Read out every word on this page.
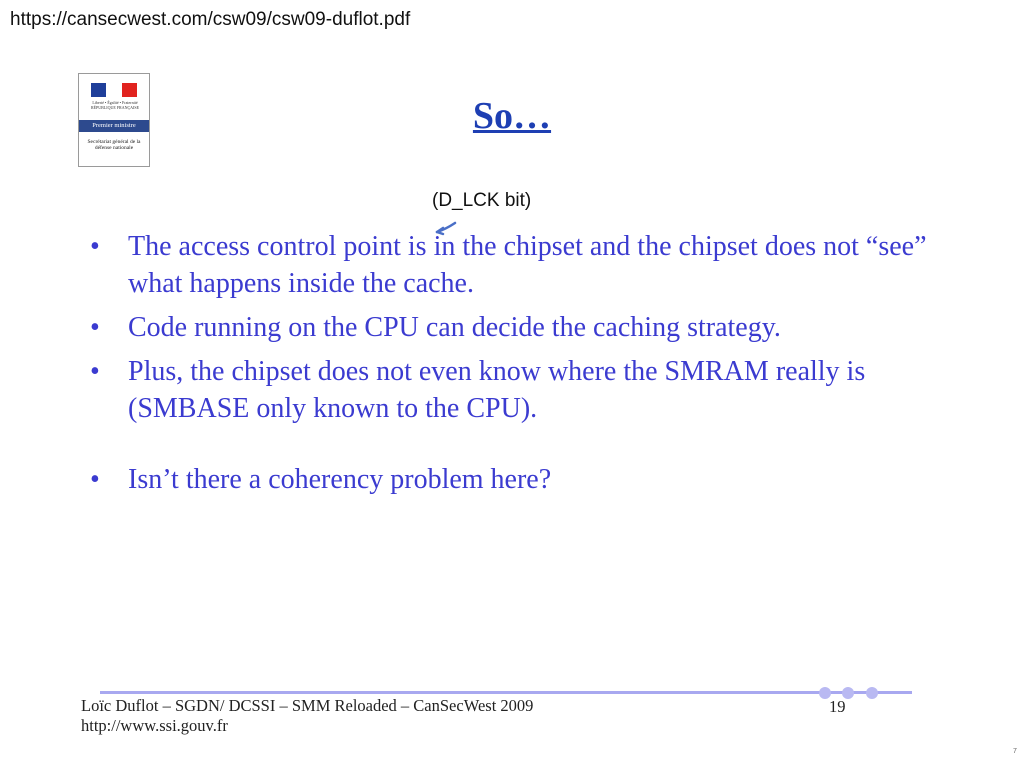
https://cansecwest.com/csw09/csw09-duflot.pdf
Liberté • Égalité • Fraternité RÉPUBLIQUE FRANÇAISE
Premier ministre
Secrétariat général de la défense nationale
So…
(D_LCK bit)
• The access control point is in the chipset and the chipset does not “see” what happens inside the cache.
• Code running on the CPU can decide the caching strategy.
• Plus, the chipset does not even know where the SMRAM really is (SMBASE only known to the CPU).
• Isn’t there a coherency problem here?
Loïc Duflot – SGDN/ DCSSI – SMM Reloaded – CanSecWest 2009
http://www.ssi.gouv.fr
19
7
